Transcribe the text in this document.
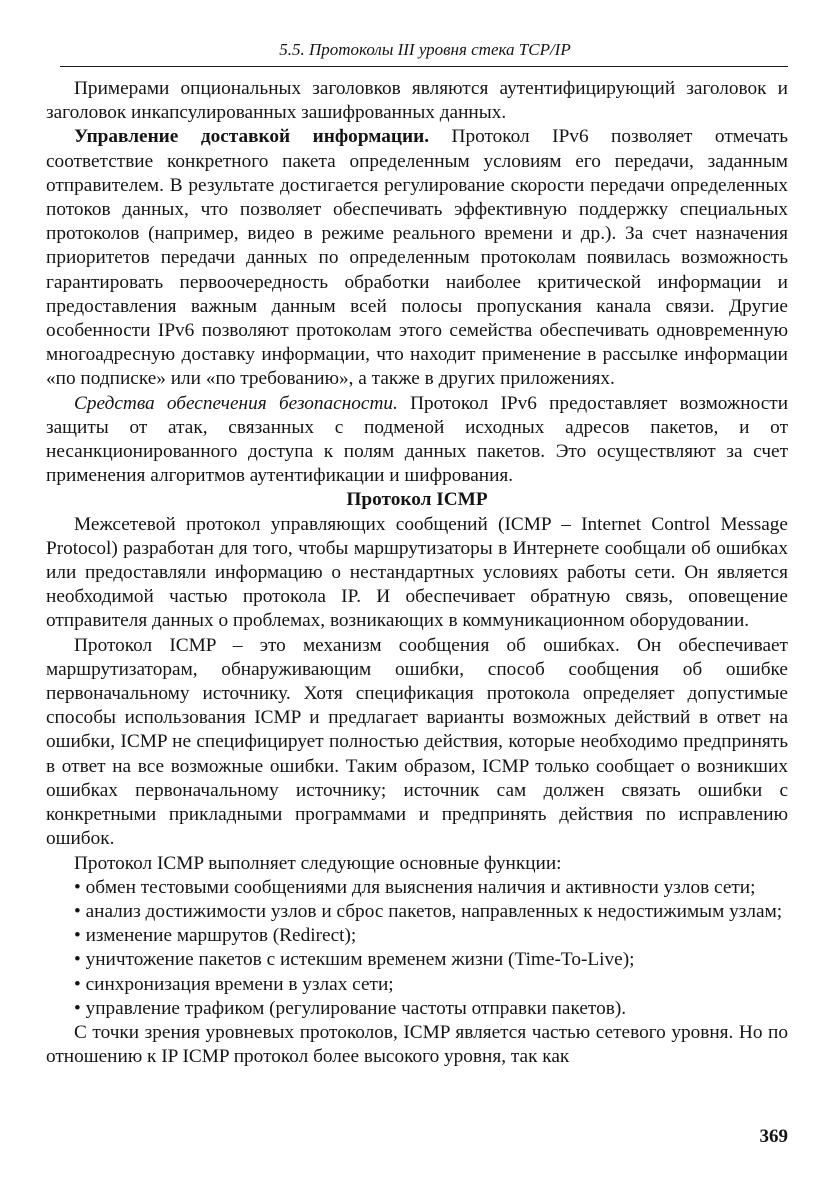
5.5. Протоколы III уровня стека TCP/IP

Примерами опциональных заголовков являются аутентифицирующий заголовок и заголовок инкапсулированных зашифрованных данных.

Управление доставкой информации. Протокол IPv6 позволяет отмечать соответствие конкретного пакета определенным условиям его передачи, заданным отправителем. В результате достигается регулирование скорости передачи определенных потоков данных, что позволяет обеспечивать эффективную поддержку специальных протоколов (например, видео в режиме реального времени и др.). За счет назначения приоритетов передачи данных по определенным протоколам появилась возможность гарантировать первоочередность обработки наиболее критической информации и предоставления важным данным всей полосы пропускания канала связи. Другие особенности IPv6 позволяют протоколам этого семейства обеспечивать одновременную многоадресную доставку информации, что находит применение в рассылке информации «по подписке» или «по требованию», а также в других приложениях.

Средства обеспечения безопасности. Протокол IPv6 предоставляет возможности защиты от атак, связанных с подменой исходных адресов пакетов, и от несанкционированного доступа к полям данных пакетов. Это осуществляют за счет применения алгоритмов аутентификации и шифрования.

Протокол ICMP

Межсетевой протокол управляющих сообщений (ICMP – Internet Control Message Protocol) разработан для того, чтобы маршрутизаторы в Интернете сообщали об ошибках или предоставляли информацию о нестандартных условиях работы сети. Он является необходимой частью протокола IP. И обеспечивает обратную связь, оповещение отправителя данных о проблемах, возникающих в коммуникационном оборудовании.

Протокол ICMP – это механизм сообщения об ошибках. Он обеспечивает маршрутизаторам, обнаруживающим ошибки, способ сообщения об ошибке первоначальному источнику. Хотя спецификация протокола определяет допустимые способы использования ICMP и предлагает варианты возможных действий в ответ на ошибки, ICMP не специфицирует полностью действия, которые необходимо предпринять в ответ на все возможные ошибки. Таким образом, ICMP только сообщает о возникших ошибках первоначальному источнику; источник сам должен связать ошибки с конкретными прикладными программами и предпринять действия по исправлению ошибок.

Протокол ICMP выполняет следующие основные функции:

• обмен тестовыми сообщениями для выяснения наличия и активности узлов сети;

• анализ достижимости узлов и сброс пакетов, направленных к недостижимым узлам;

• изменение маршрутов (Redirect);

• уничтожение пакетов с истекшим временем жизни (Time-To-Live);

• синхронизация времени в узлах сети;

• управление трафиком (регулирование частоты отправки пакетов).

С точки зрения уровневых протоколов, ICMP является частью сетевого уровня. Но по отношению к IP ICMP протокол более высокого уровня, так как

369
